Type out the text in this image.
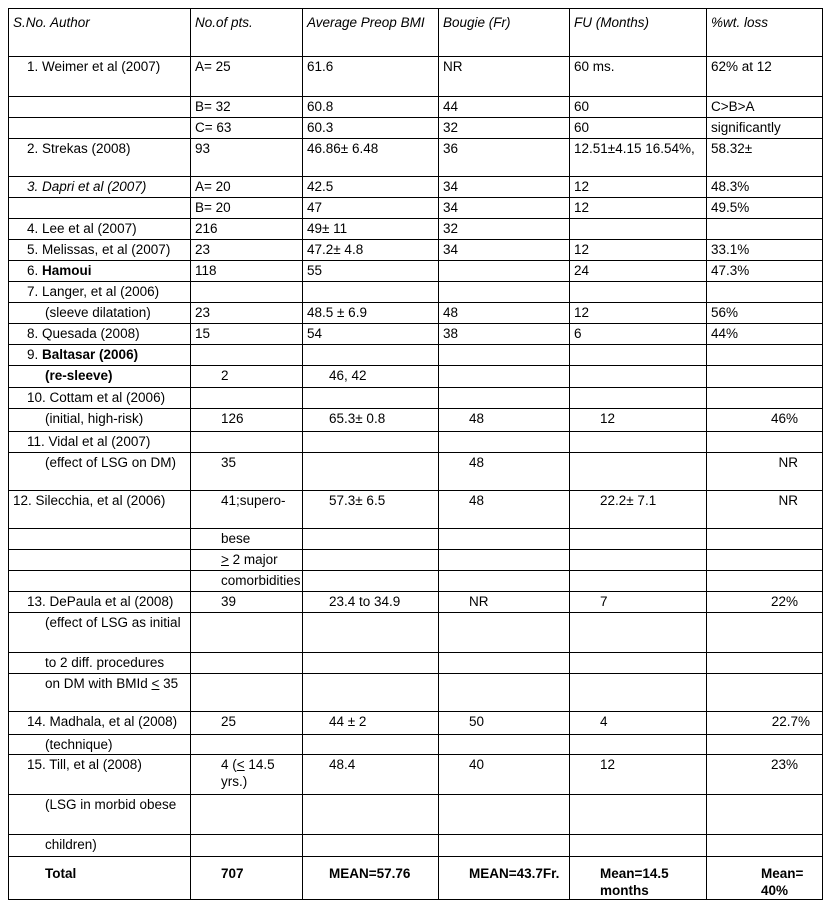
S.No. Author	No.of pts.	Average Preop BMI	Bougie (Fr)	FU (Months)	%wt. loss
1. Weimer et al (2007)	A= 25	61.6	NR	60 ms.	62% at 12
	B= 32	60.8	44	60	C>B>A
	C= 63	60.3	32	60	significantly
2. Strekas (2008)	93	46.86± 6.48	36	12.51±4.15 16.54%,	58.32±
3. Dapri et al (2007)	A= 20	42.5	34	12	48.3%
	B= 20	47	34	12	49.5%
4. Lee et al (2007)	216	49± 11	32		
5. Melissas, et al (2007)	23	47.2± 4.8	34	12	33.1%
6. Hamoui	118	55		24	47.3%
7. Langer, et al (2006)					
(sleeve dilatation)	23	48.5 ± 6.9	48	12	56%
8. Quesada (2008)	15	54	38	6	44%
9. Baltasar (2006)					
(re-sleeve)	2	46, 42			
10. Cottam et al (2006)					
(initial, high-risk)	126	65.3± 0.8	48	12	46%
11. Vidal et al (2007)					
(effect of LSG on DM)	35		48		NR
12. Silecchia, et al (2006)	41;supero-	57.3± 6.5	48	22.2± 7.1	NR
	bese				
	> 2 major				
	comorbidities				
13. DePaula et al (2008)	39	23.4 to 34.9	NR	7	22%
(effect of LSG as initial					
to 2 diff. procedures					
on DM with BMId < 35					
14. Madhala, et al (2008)	25	44 ± 2	50	4	22.7%
(technique)					
15. Till, et al (2008)	4 (< 14.5 yrs.)	48.4	40	12	23%
(LSG in morbid obese					
children)					
Total	707	MEAN=57.76	MEAN=43.7Fr.	Mean=14.5 months	Mean= 40%
